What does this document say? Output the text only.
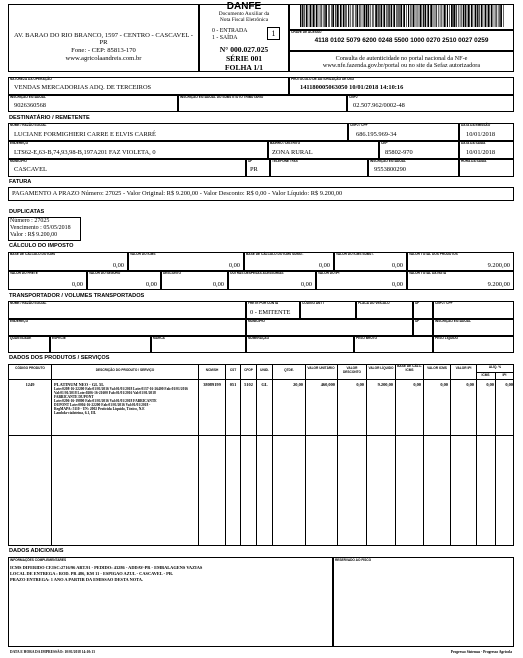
AV. BARAO DO RIO BRANCO, 1597 - CENTRO - CASCAVEL - PR
Fone: - CEP: 85813-170
www.agricolaandreis.com.br
DANFE
Documento Auxiliar da
Nota Fiscal Eletrônica
0 - ENTRADA
1 - SAÍDA	1
N° 000.027.025
SÉRIE 001
FOLHA 1/1
CHAVE DE ACESSO
4118 0102 5079 6200 0248 5500 1000 0270 2510 0027 0259
Consulta de autenticidade no portal nacional da NF-e
www.nfe.fazenda.gov.br/portal ou no site da Sefaz autorizadora
NATUREZA DA OPERAÇÃO
VENDAS MERCADORIAS ADQ. DE TERCEIROS
PROTOCOLO DE AUTORIZAÇÃO DE USO
141180005063050 10/01/2018 14:10:16
INSCRIÇÃO ESTADUAL
9026360568
INSCRIÇÃO ESTADUAL DO SUBSTITUTO TRIBUTÁRIO	CNPJ
02.507.962/0002-48
DESTINATÁRIO / REMETENTE
NOME / RAZÃO SOCIAL
LUCIANE FORMIGHIERI CARRE E ELVIS CARRÉ
CNPJ / CPF
686.195.969-34
DATA DA EMISSÃO
10/01/2018
ENDEREÇO
LTS62-E,63-B,74,93,98-B,197A201 FAZ VIOLETA, 0
BAIRRO / DISTRITO
ZONA RURAL
CEP
85802-970
DATA DA SAÍDA
10/01/2018
MUNICÍPIO
CASCAVEL
UF
PR
TELEFONE / FAX	INSCRIÇÃO ESTADUAL
9553800290
HORA DA SAÍDA
FATURA
PAGAMENTO A PRAZO Número: 27025 - Valor Original: R$ 9.200,00 - Valor Desconto: R$ 0,00 - Valor Líquido: R$ 9.200,00
DUPLICATAS
Número : 27025
Vencimento : 05/05/2018
Valor : R$ 9.200,00
CÁLCULO DO IMPOSTO
BASE DE CÁLCULO DO ICMS
0,00
VALOR DO ICMS
0,00
BASE DE CÁLCULO DO ICMS SUBST.
0,00
VALOR DO ICMS SUBST.
0,00
VALOR TOTAL DOS PRODUTOS
9.200,00
VALOR DO FRETE
0,00
VALOR DO SEGURO
0,00
DESCONTO
0,00
OUTRAS DESPESAS ACESSÓRIAS
0,00
VALOR DO IPI
0,00
VALOR TOTAL DA NOTA
9.200,00
TRANSPORTADOR / VOLUMES TRANSPORTADOS
NOME / RAZÃO SOCIAL	FRETE POR CONTA
0 - EMITENTE
CÓDIGO ANTT	PLACA DO VEÍCULO	UF	CNPJ / CPF
ENDEREÇO	MUNICÍPIO	UF	INSCRIÇÃO ESTADUAL
QUANTIDADE	ESPÉCIE	MARCA	NUMERAÇÃO	PESO BRUTO	PESO LÍQUIDO
DADOS DOS PRODUTOS / SERVIÇOS
CÓDIGO PRODUTO	DESCRIÇÃO DO PRODUTO / SERVIÇO	NCM/SH	CST	CFOP	UNID.	QTDE.	VALOR UNITÁRIO	VALOR DESCONTO
VALOR LÍQUIDO	BASE DE CÁLC. ICMS	VALOR ICMS	VALOR IPI	ALÍQ. %
ICMS	IPI
1249	PLATINUM NEO - GL 5L
Lote:0208-16-22200 Fab:01/01/2016 Val:01/01/2018 Lote:0137-16-26400 Fab:01/01/2016
Val:01/01/2018 Lote:0206-16-21600 Fab:01/01/2016 Val:01/01/2018
FABRICANTE DUPONT
Lote:0206-16-19800 Fab:01/01/2016 Val:01/01/2018 FABRICANTE
DUPONT Lote:0004-16-22200 Fab:01/01/2016 Val:01/01/2018 -
RegMAPA: 5110 - UN: 2002 Pesticida Líquido, Tóxico, N.E
Lambda-cialotrina, 6.1, III.
38089199	051	5102	GL	20,00	460,000	0,00	9.200,00	0,00	0,00	0,00	0,00	0,00
DADOS ADICIONAIS
INFORMAÇÕES COMPLEMENTARES
ICMS DIFERIDO CF.ISC:2716/96 ART.91 - PEDIDO: 43286 - ADDAV-PR - EMBALAGENS VAZIAS
LOCAL DE ENTREGA : ROD. PR 486, KM 11 - ESPIGAO AZUL - CASCAVEL - PR.
PRAZO ENTREGA: 1 ANO A PARTIR DA EMISSAO DESTA NOTA.
RESERVADO AO FISCO
DATA E HORA DA IMPRESSÃO: 10/01/2018 14:10:13	Progresso Sistemas - Progresso Agrícola
